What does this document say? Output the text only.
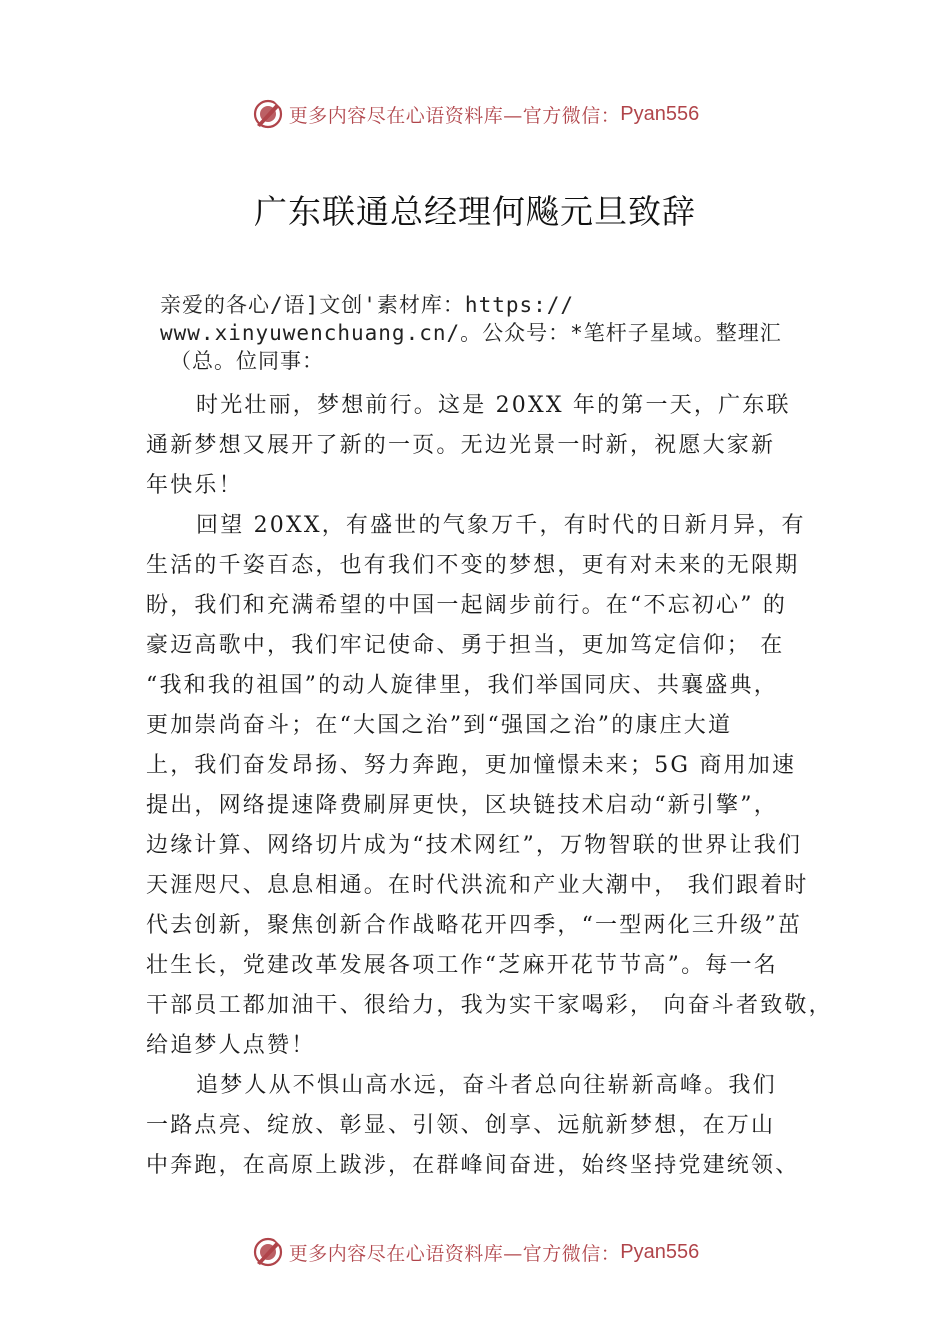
更多内容尽在心语资料库—官方微信： Pyan556
广东联通总经理何飚元旦致辞
亲爱的各心/语]文创'素材库：https://
www.xinyuwenchuang.cn/。公众号：*笔杆子星域。整理汇
（总。位同事：
时光壮丽，梦想前行。这是 20XX 年的第一天，广东联
通新梦想又展开了新的一页。无边光景一时新，祝愿大家新
年快乐！
回望 20XX，有盛世的气象万千，有时代的日新月异，有
生活的千姿百态，也有我们不变的梦想，更有对未来的无限期
盼，我们和充满希望的中国一起阔步前行。在“不忘初心” 的
豪迈高歌中，我们牢记使命、勇于担当，更加笃定信仰； 在
“我和我的祖国”的动人旋律里，我们举国同庆、共襄盛典，
更加崇尚奋斗；在“大国之治”到“强国之治”的康庄大道
上，我们奋发昂扬、努力奔跑，更加憧憬未来；5G 商用加速
提出，网络提速降费刷屏更快，区块链技术启动“新引擎”，
边缘计算、网络切片成为“技术网红”，万物智联的世界让我们
天涯咫尺、息息相通。在时代洪流和产业大潮中， 我们跟着时
代去创新，聚焦创新合作战略花开四季，“一型两化三升级”茁
壮生长，党建改革发展各项工作“芝麻开花节节高”。每一名
干部员工都加油干、很给力，我为实干家喝彩， 向奋斗者致敬，
给追梦人点赞！
追梦人从不惧山高水远，奋斗者总向往崭新高峰。我们
一路点亮、绽放、彰显、引领、创享、远航新梦想，在万山
中奔跑，在高原上跋涉，在群峰间奋进，始终坚持党建统领、
更多内容尽在心语资料库—官方微信： Pyan556
